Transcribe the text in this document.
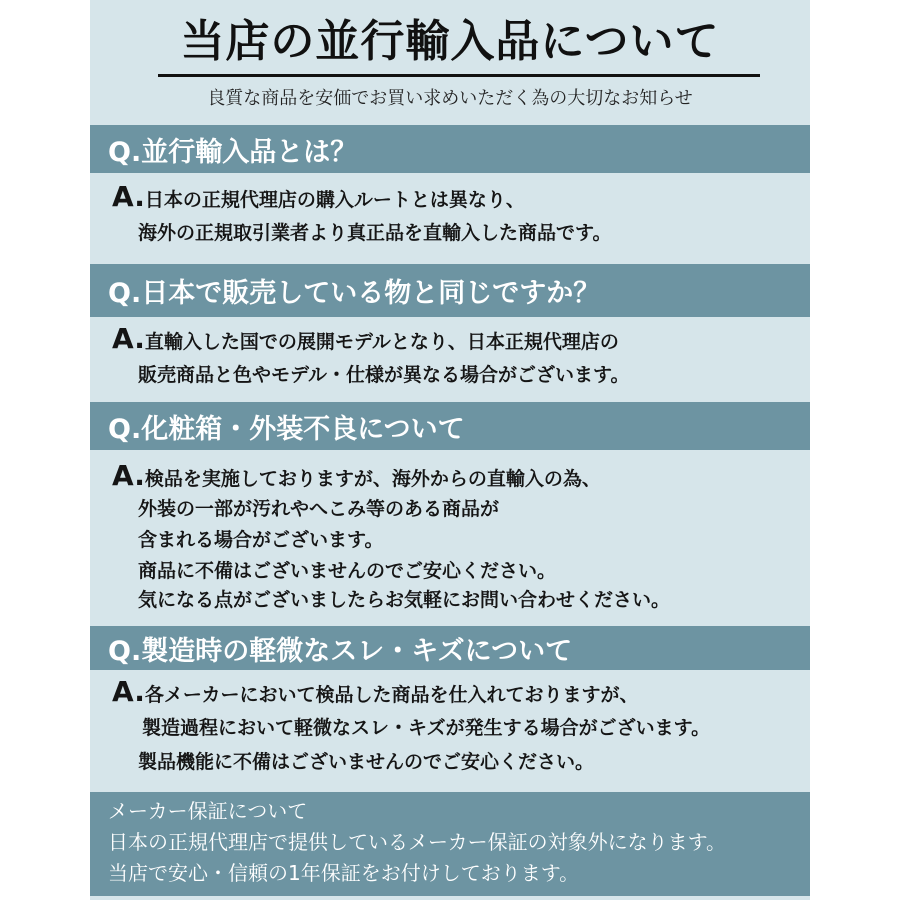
当店の並行輸入品について
良質な商品を安価でお買い求めいただく為の大切なお知らせ
Q.並行輸入品とは？
A.日本の正規代理店の購入ルートとは異なり、
海外の正規取引業者より真正品を直輸入した商品です。
Q.日本で販売している物と同じですか？
A.直輸入した国での展開モデルとなり、日本正規代理店の
販売商品と色やモデル・仕様が異なる場合がございます。
Q.化粧箱・外装不良について
A.検品を実施しておりますが、海外からの直輸入の為、
外装の一部が汚れやへこみ等のある商品が
含まれる場合がございます。
商品に不備はございませんのでご安心ください。
気になる点がございましたらお気軽にお問い合わせください。
Q.製造時の軽微なスレ・キズについて
A.各メーカーにおいて検品した商品を仕入れておりますが、
製造過程において軽微なスレ・キズが発生する場合がございます。
製品機能に不備はございませんのでご安心ください。
メーカー保証について
日本の正規代理店で提供しているメーカー保証の対象外になります。
当店で安心・信頼の1年保証をお付けしております。
